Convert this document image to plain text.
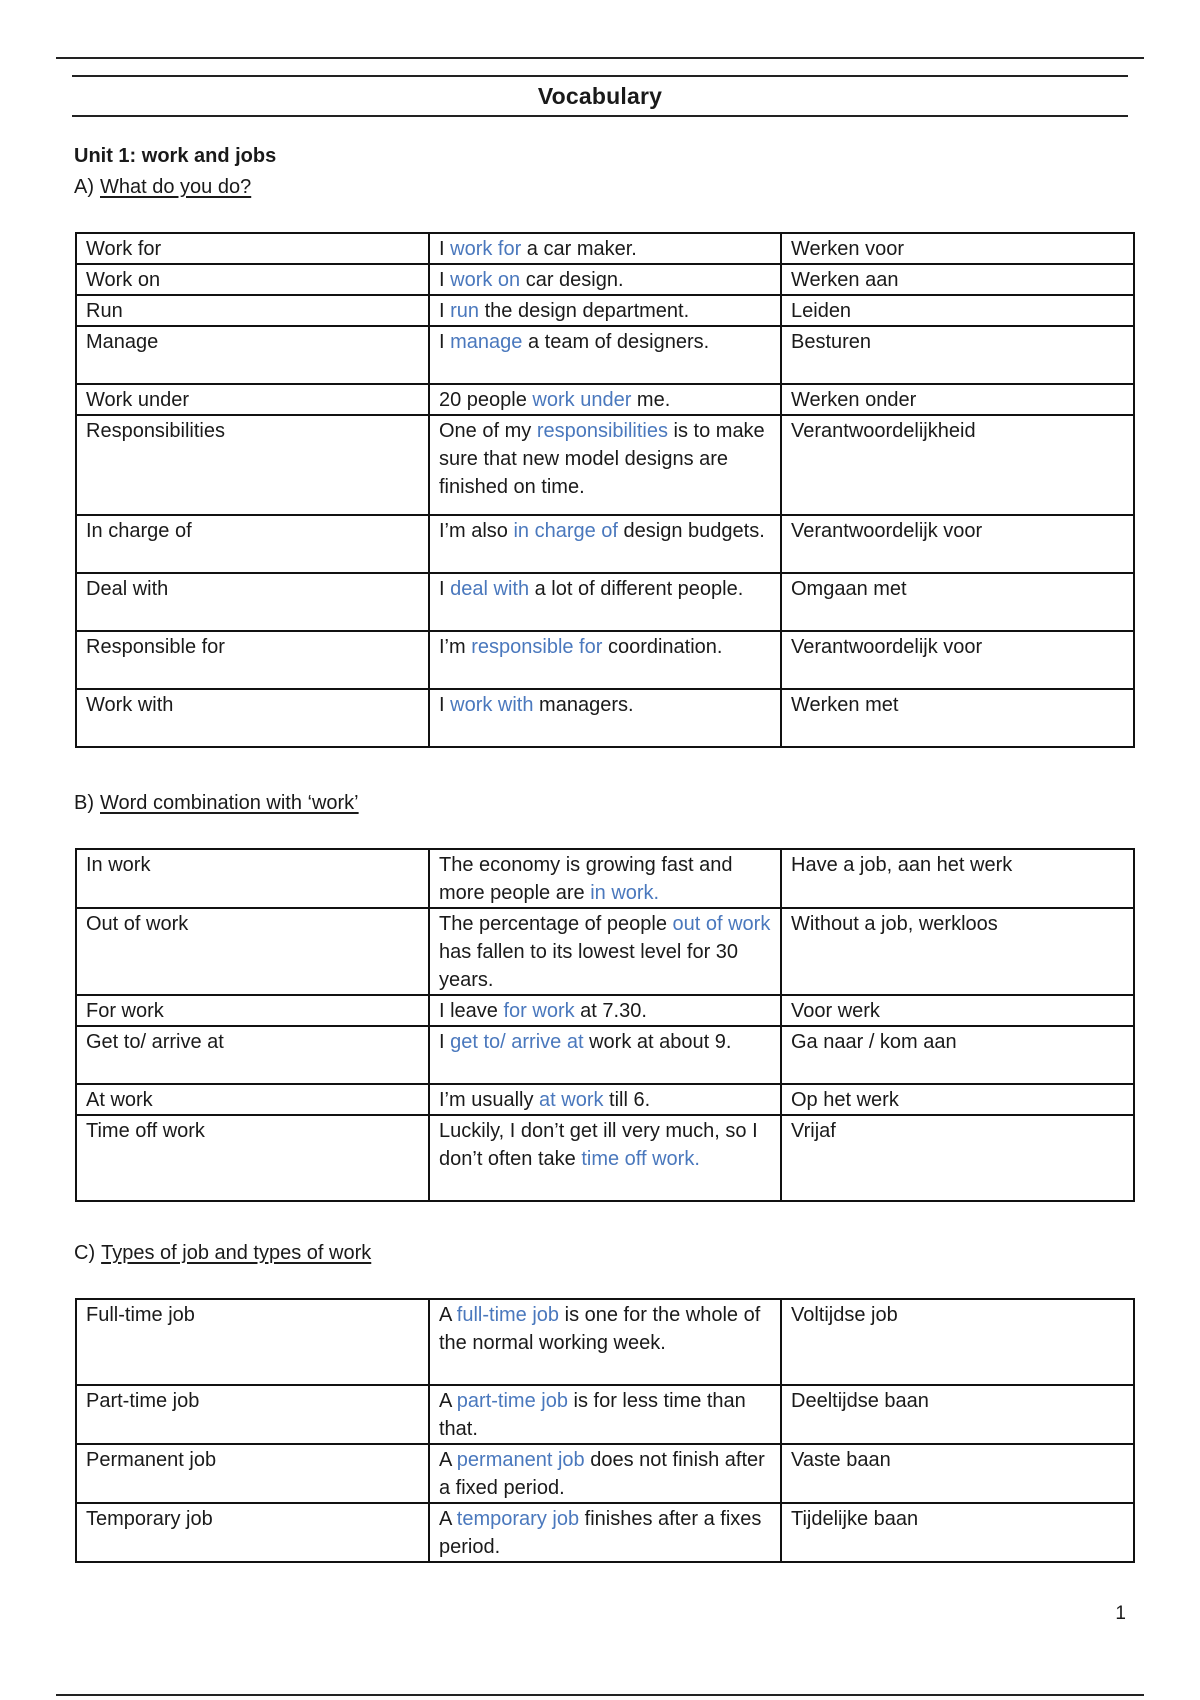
Vocabulary
Unit 1: work and jobs
A) What do you do?
Work for	I work for a car maker.	Werken voor
Work on	I work on car design.	Werken aan
Run	I run the design department.	Leiden
Manage	I manage a team of designers.	Besturen
Work under	20 people work under me.	Werken onder
Responsibilities	One of my responsibilities is to make sure that new model designs are finished on time.	Verantwoordelijkheid
In charge of	I’m also in charge of design budgets.	Verantwoordelijk voor
Deal with	I deal with a lot of different people.	Omgaan met
Responsible for	I’m responsible for coordination.	Verantwoordelijk voor
Work with	I work with managers.	Werken met
B) Word combination with ‘work’
In work	The economy is growing fast and more people are in work.	Have a job, aan het werk
Out of work	The percentage of people out of work has fallen to its lowest level for 30 years.	Without a job, werkloos
For work	I leave for work at 7.30.	Voor werk
Get to/ arrive at	I get to/ arrive at work at about 9.	Ga naar / kom aan
At work	I’m usually at work till 6.	Op het werk
Time off work	Luckily, I don’t get ill very much, so I don’t often take time off work.	Vrijaf
C) Types of job and types of work
Full-time job	A full-time job is one for the whole of the normal working week.	Voltijdse job
Part-time job	A part-time job is for less time than that.	Deeltijdse baan
Permanent job	A permanent job does not finish after a fixed period.	Vaste baan
Temporary job	A temporary job finishes after a fixes period.	Tijdelijke baan
1
